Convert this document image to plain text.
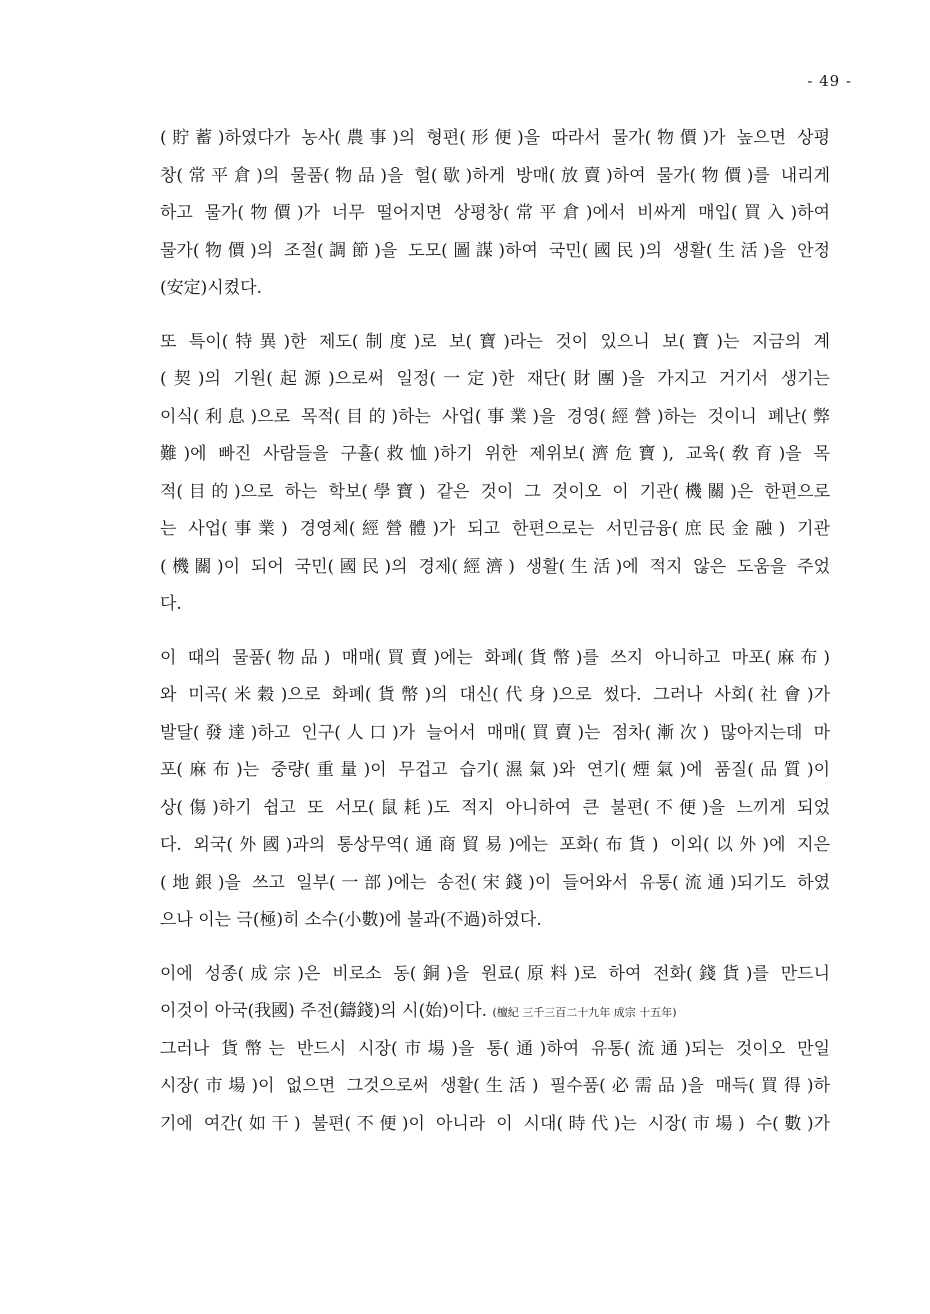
- 49 -
(貯蓄)하였다가 농사(農事)의 형편(形便)을 따라서 물가(物價)가 높으면 상평
창(常平倉)의 물품(物品)을 헐(歇)하게 방매(放賣)하여 물가(物價)를 내리게
하고 물가(物價)가 너무 떨어지면 상평창(常平倉)에서 비싸게 매입(買入)하여
물가(物價)의 조절(調節)을 도모(圖謀)하여 국민(國民)의 생활(生活)을 안정
(安定)시켰다.
또 특이(特異)한 제도(制度)로 보(寶)라는 것이 있으니 보(寶)는 지금의 계
(契)의 기원(起源)으로써 일정(一定)한 재단(財團)을 가지고 거기서 생기는
이식(利息)으로 목적(目的)하는 사업(事業)을 경영(經營)하는 것이니 폐난(弊
難)에 빠진 사람들을 구휼(救恤)하기 위한 제위보(濟危寶), 교육(敎育)을 목
적(目的)으로 하는 학보(學寶) 같은 것이 그 것이오 이 기관(機關)은 한편으로
는 사업(事業) 경영체(經營體)가 되고 한편으로는 서민금융(庶民金融) 기관
(機關)이 되어 국민(國民)의 경제(經濟) 생활(生活)에 적지 않은 도움을 주었
다.
이 때의 물품(物品) 매매(買賣)에는 화폐(貨幣)를 쓰지 아니하고 마포(麻布)
와 미곡(米穀)으로 화폐(貨幣)의 대신(代身)으로 썼다. 그러나 사회(社會)가
발달(發達)하고 인구(人口)가 늘어서 매매(買賣)는 점차(漸次) 많아지는데 마
포(麻布)는 중량(重量)이 무겁고 습기(濕氣)와 연기(煙氣)에 품질(品質)이
상(傷)하기 쉽고 또 서모(鼠耗)도 적지 아니하여 큰 불편(不便)을 느끼게 되었
다. 외국(外國)과의 통상무역(通商貿易)에는 포화(布貨) 이외(以外)에 지은
(地銀)을 쓰고 일부(一部)에는 송전(宋錢)이 들어와서 유통(流通)되기도 하였
으나 이는 극(極)히 소수(小數)에 불과(不過)하였다.
이에 성종(成宗)은 비로소 동(銅)을 원료(原料)로 하여 전화(錢貨)를 만드니
이것이 아국(我國) 주전(鑄錢)의 시(始)이다. (檀紀 三千三百二十九年 成宗 十五年)
그러나 貨幣는 반드시 시장(市場)을 통(通)하여 유통(流通)되는 것이오 만일
시장(市場)이 없으면 그것으로써 생활(生活) 필수품(必需品)을 매득(買得)하
기에 여간(如干) 불편(不便)이 아니라 이 시대(時代)는 시장(市場) 수(數)가
